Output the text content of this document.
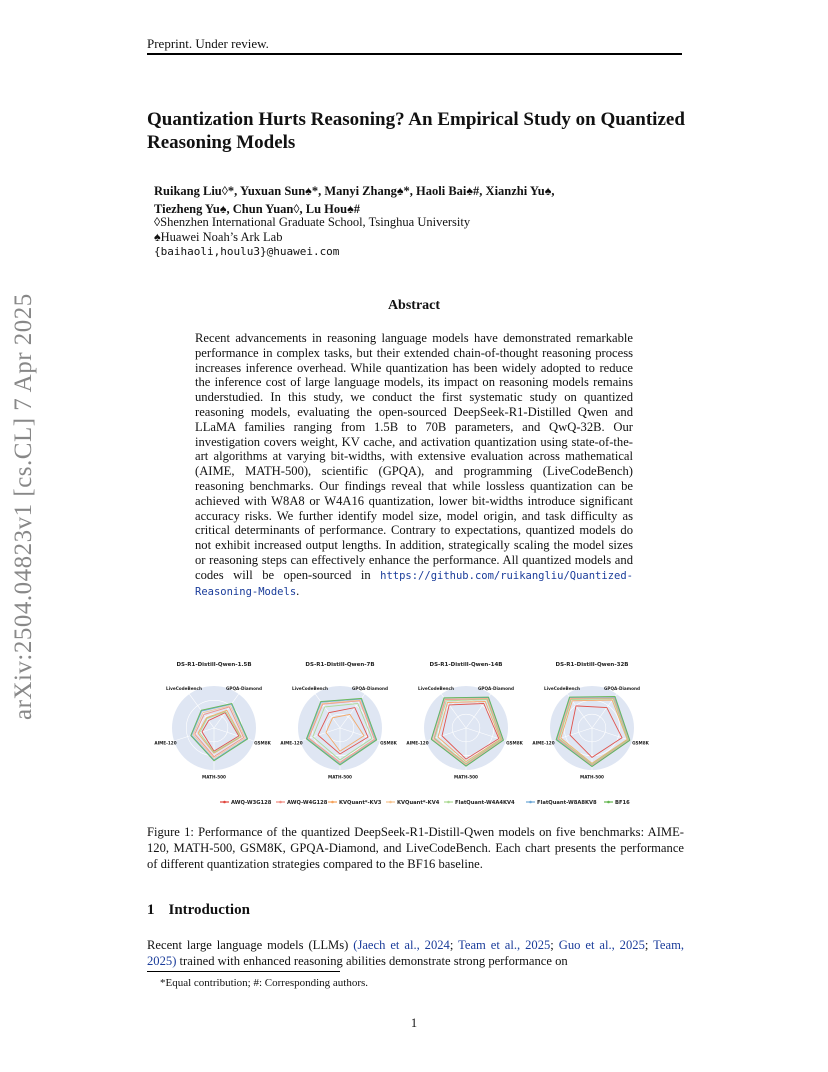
Preprint. Under review.
Quantization Hurts Reasoning? An Empirical Study on Quantized Reasoning Models
Ruikang Liu◊*, Yuxuan Sun♠*, Manyi Zhang♠*, Haoli Bai♠#, Xianzhi Yu♠,
Tiezheng Yu♠, Chun Yuan◊, Lu Hou♠#
◊Shenzhen International Graduate School, Tsinghua University
♠Huawei Noah’s Ark Lab
{baihaoli,houlu3}@huawei.com
arXiv:2504.04823v1 [cs.CL] 7 Apr 2025	Abstract
Recent advancements in reasoning language models have demonstrated remarkable performance in complex tasks, but their extended chain-of-thought reasoning process increases inference overhead. While quantization has been widely adopted to reduce the inference cost of large language models, its impact on reasoning models remains understudied. In this study, we conduct the first systematic study on quantized reasoning models, evaluating the open-sourced DeepSeek-R1-Distilled Qwen and LLaMA families ranging from 1.5B to 70B parameters, and QwQ-32B. Our investigation covers weight, KV cache, and activation quantization using state-of-the-art algorithms at varying bit-widths, with extensive evaluation across mathematical (AIME, MATH-500), scientific (GPQA), and programming (LiveCodeBench) reasoning benchmarks. Our findings reveal that while lossless quantization can be achieved with W8A8 or W4A16 quantization, lower bit-widths introduce significant accuracy risks. We further identify model size, model origin, and task difficulty as critical determinants of performance. Contrary to expectations, quantized models do not exhibit increased output lengths. In addition, strategically scaling the model sizes or reasoning steps can effectively enhance the performance. All quantized models and codes will be open-sourced in https://github.com/ruikangliu/Quantized-Reasoning-Models.
DS-R1-Distill-Qwen-1.5B
GPQA-Diamond
GSM8K
MATH-500
AIME-120
LiveCodeBench
DS-R1-Distill-Qwen-7B
GPQA-Diamond
GSM8K
MATH-500
AIME-120
LiveCodeBench
DS-R1-Distill-Qwen-14B
GPQA-Diamond
GSM8K
MATH-500
AIME-120
LiveCodeBench
DS-R1-Distill-Qwen-32B
GPQA-Diamond
GSM8K
MATH-500
AIME-120
LiveCodeBench
AWQ-W3G128	AWQ-W4G128 KVQuant*-KV3	KVQuant*-KV4	FlatQuant-W4A4KV4	FlatQuant-W8A8KV8	BF16
Figure 1: Performance of the quantized DeepSeek-R1-Distill-Qwen models on five benchmarks: AIME-120, MATH-500, GSM8K, GPQA-Diamond, and LiveCodeBench. Each chart presents the performance of different quantization strategies compared to the BF16 baseline.
1 Introduction
Recent large language models (LLMs) (Jaech et al., 2024; Team et al., 2025; Guo et al., 2025; Team, 2025) trained with enhanced reasoning abilities demonstrate strong performance on
*Equal contribution; #: Corresponding authors.
1
